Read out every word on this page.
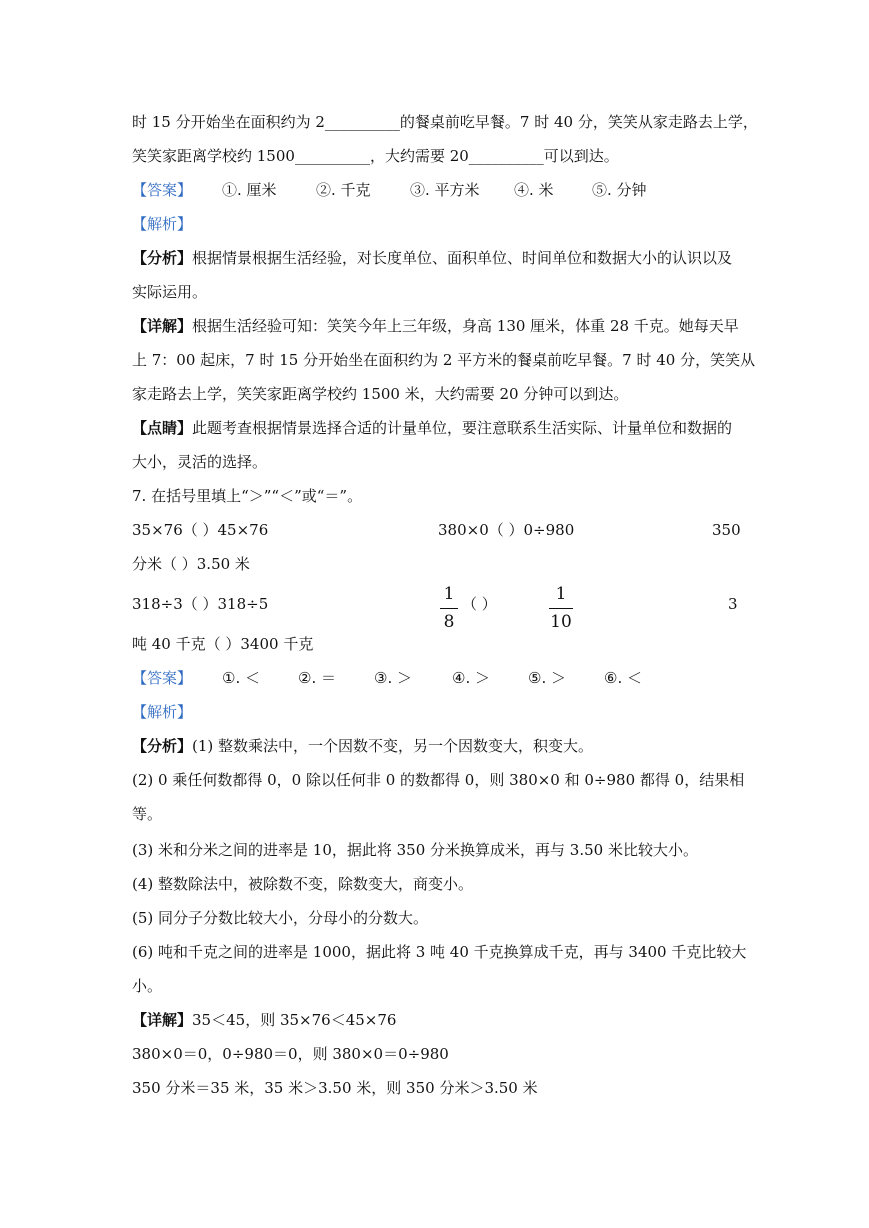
时 15 分开始坐在面积约为 2__________的餐桌前吃早餐。7 时 40 分，笑笑从家走路去上学，
笑笑家距离学校约 1500__________，大约需要 20__________可以到达。
【答案】 ①. 厘米	②. 千克	③. 平方米 ④. 米	⑤. 分钟
【解析】
【分析】根据情景根据生活经验，对长度单位、面积单位、时间单位和数据大小的认识以及
实际运用。
【详解】根据生活经验可知：笑笑今年上三年级，身高 130 厘米，体重 28 千克。她每天早
上 7：00 起床，7 时 15 分开始坐在面积约为 2 平方米的餐桌前吃早餐。7 时 40 分，笑笑从
家走路去上学，笑笑家距离学校约 1500 米，大约需要 20 分钟可以到达。
【点睛】此题考查根据情景选择合适的计量单位，要注意联系生活实际、计量单位和数据的
大小，灵活的选择。
7. 在括号里填上“＞”“＜”或“＝”。
35×76（ ）45×76	380×0（ ）0÷980	350
分米（ ）3.50 米
318÷3（ ）318÷5	1
8
（ ）	1
10
3
吨 40 千克（ ）3400 千克
【答案】 ①. ＜	②. ＝	③. ＞	④. ＞	⑤. ＞	⑥. ＜
【解析】
【分析】(1) 整数乘法中，一个因数不变，另一个因数变大，积变大。
(2) 0 乘任何数都得 0，0 除以任何非 0 的数都得 0，则 380×0 和 0÷980 都得 0，结果相
等。
(3) 米和分米之间的进率是 10，据此将 350 分米换算成米，再与 3.50 米比较大小。
(4) 整数除法中，被除数不变，除数变大，商变小。
(5) 同分子分数比较大小，分母小的分数大。
(6) 吨和千克之间的进率是 1000，据此将 3 吨 40 千克换算成千克，再与 3400 千克比较大
小。
【详解】35＜45，则 35×76＜45×76
380×0＝0，0÷980＝0，则 380×0＝0÷980
350 分米＝35 米，35 米＞3.50 米，则 350 分米＞3.50 米
